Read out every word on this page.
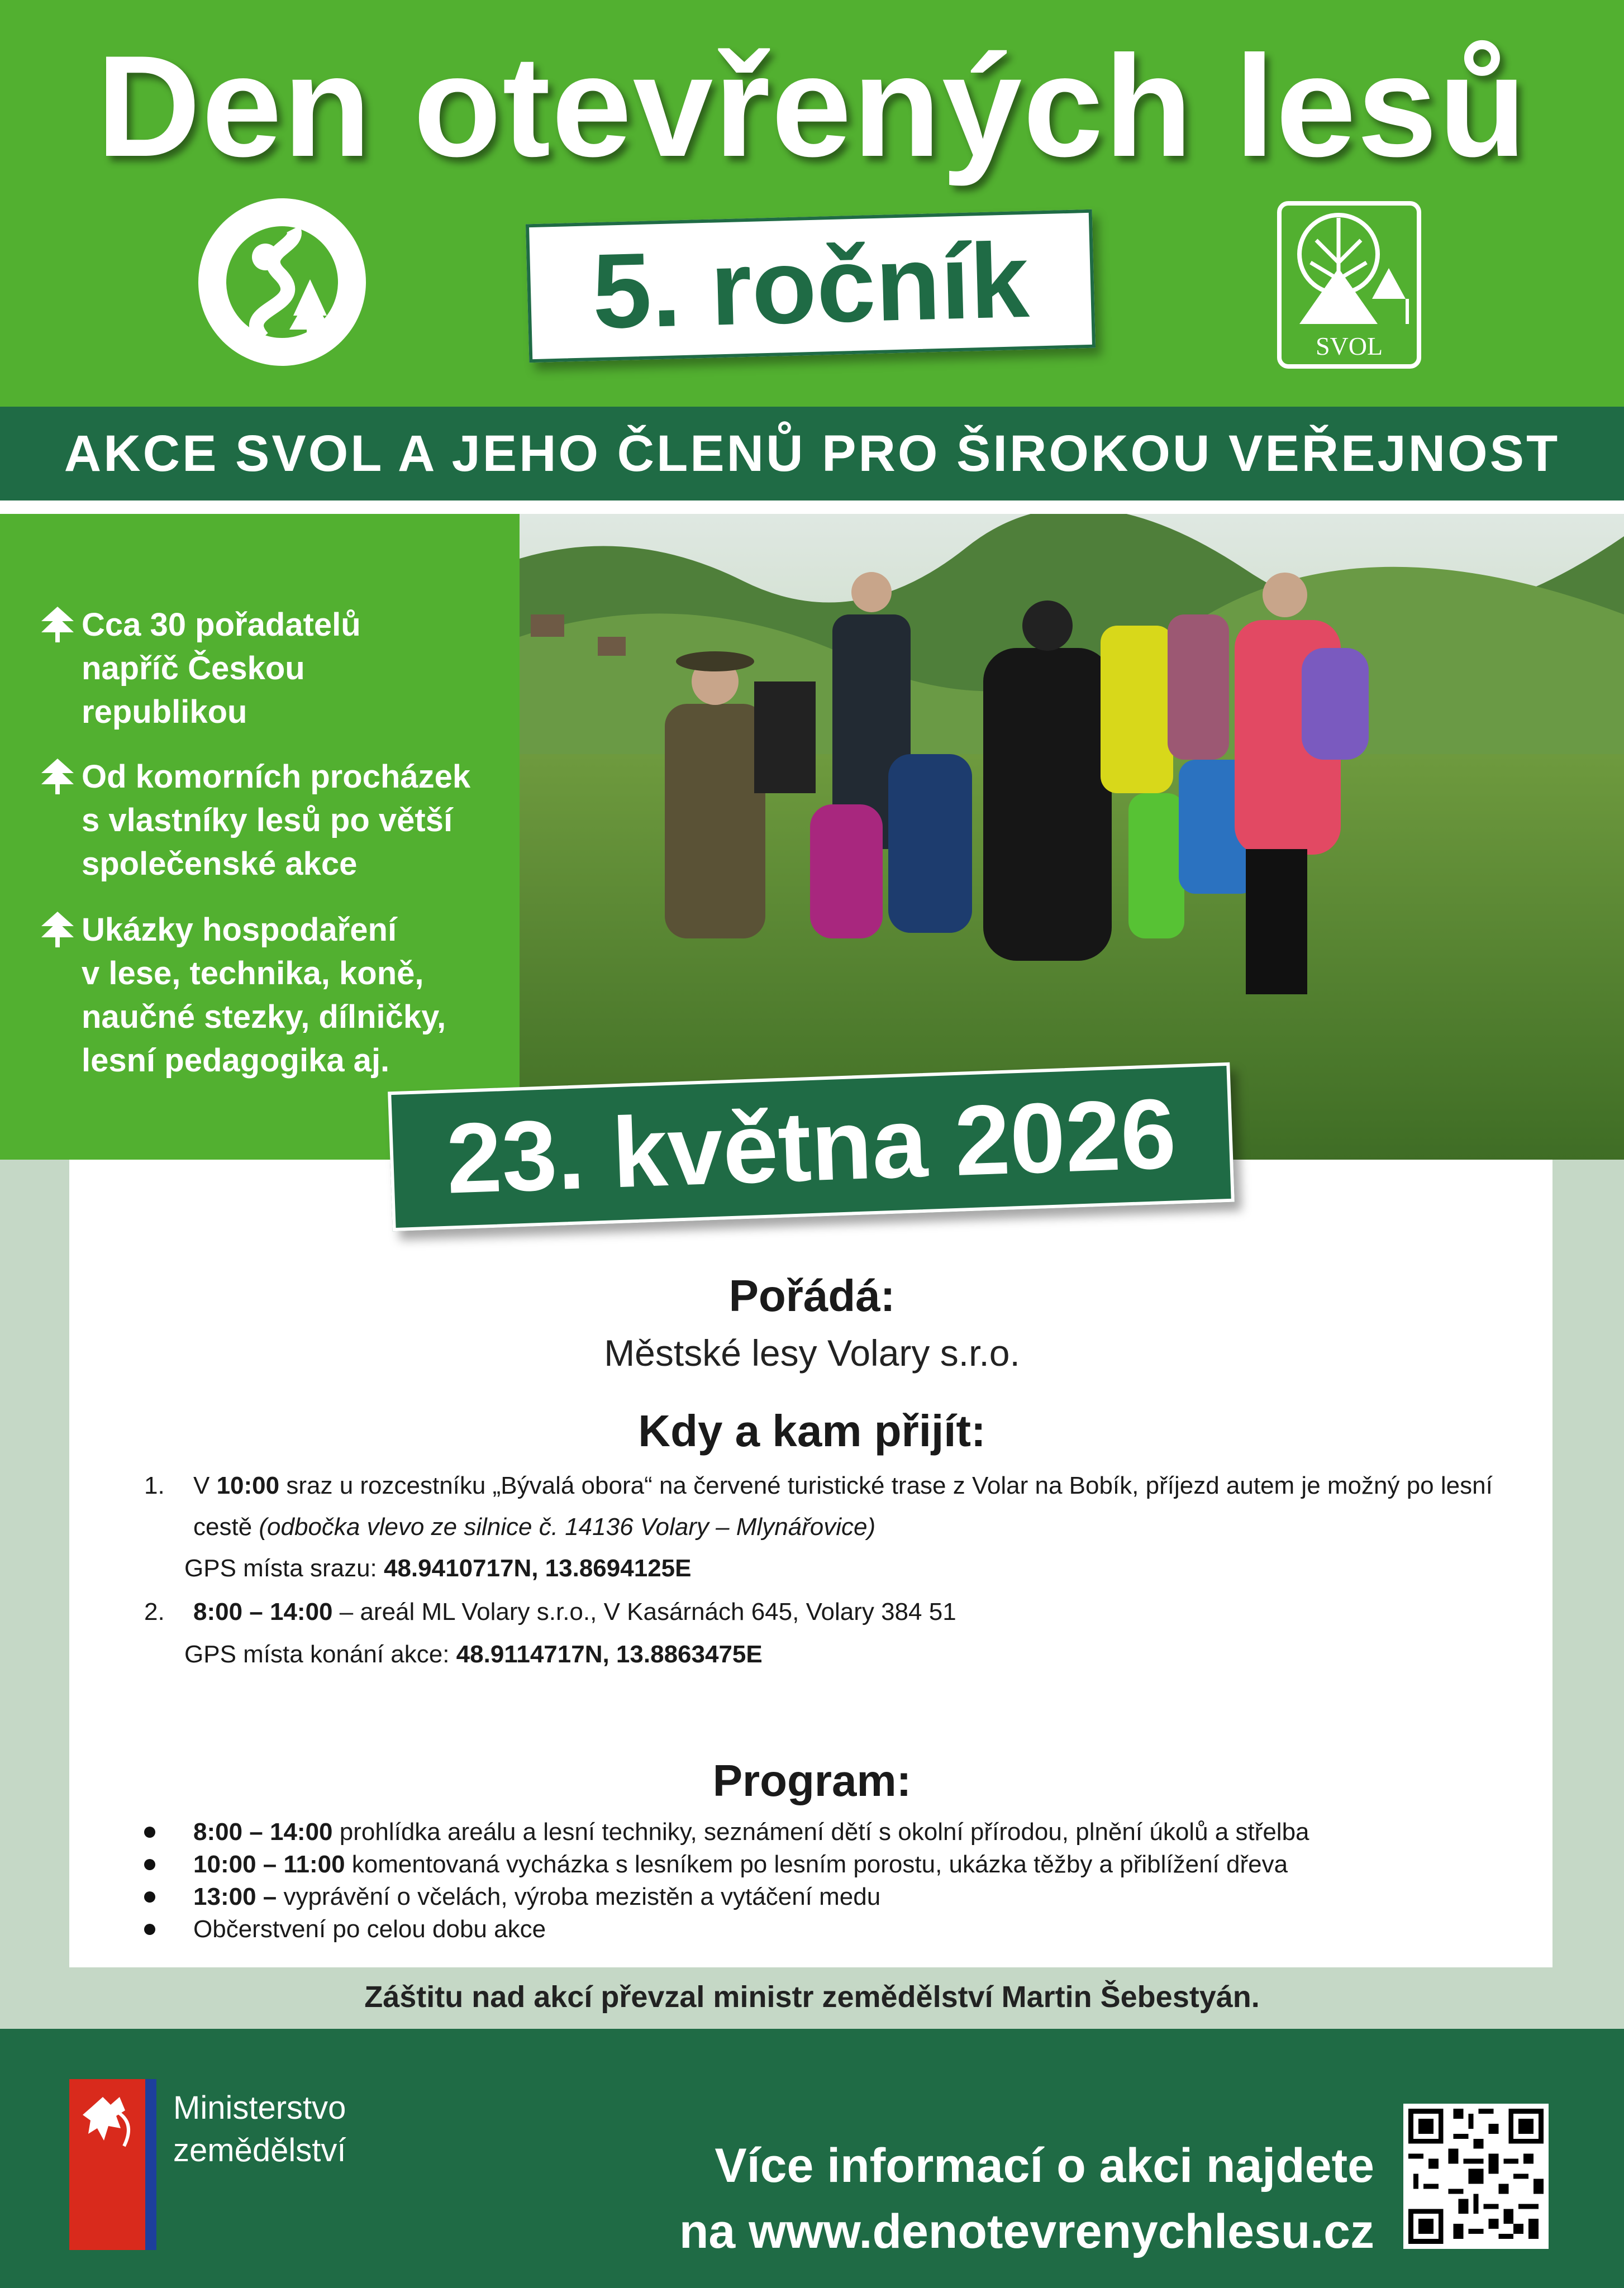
Den otevřených lesů
SVOL
5. ročník
AKCE SVOL A JEHO ČLENŮ PRO ŠIROKOU VEŘEJNOST
Cca 30 pořadatelů
napříč Českou
republikou
Od komorních procházek
s vlastníky lesů po větší
společenské akce
Ukázky hospodaření
v lese, technika, koně,
naučné stezky, dílničky,
lesní pedagogika aj.
23. května 2026
Pořádá:
Městské lesy Volary s.r.o.
Kdy a kam přijít:
1. V 10:00 sraz u rozcestníku „Bývalá obora“ na červené turistické trase z Volar na Bobík, příjezd autem je možný po lesní
cestě (odbočka vlevo ze silnice č. 14136 Volary – Mlynářovice)
GPS místa srazu: 48.9410717N, 13.8694125E
2. 8:00 – 14:00 – areál ML Volary s.r.o., V Kasárnách 645, Volary 384 51
GPS místa konání akce: 48.9114717N, 13.8863475E
Program:
8:00 – 14:00 prohlídka areálu a lesní techniky, seznámení dětí s okolní přírodou, plnění úkolů a střelba
10:00 – 11:00 komentovaná vycházka s lesníkem po lesním porostu, ukázka těžby a přiblížení dřeva
13:00 – vyprávění o včelách, výroba mezistěn a vytáčení medu
Občerstvení po celou dobu akce
Záštitu nad akcí převzal ministr zemědělství Martin Šebestyán.
Ministerstvo
zemědělství	Více informací o akci najdete
na www.denotevrenychlesu.cz
